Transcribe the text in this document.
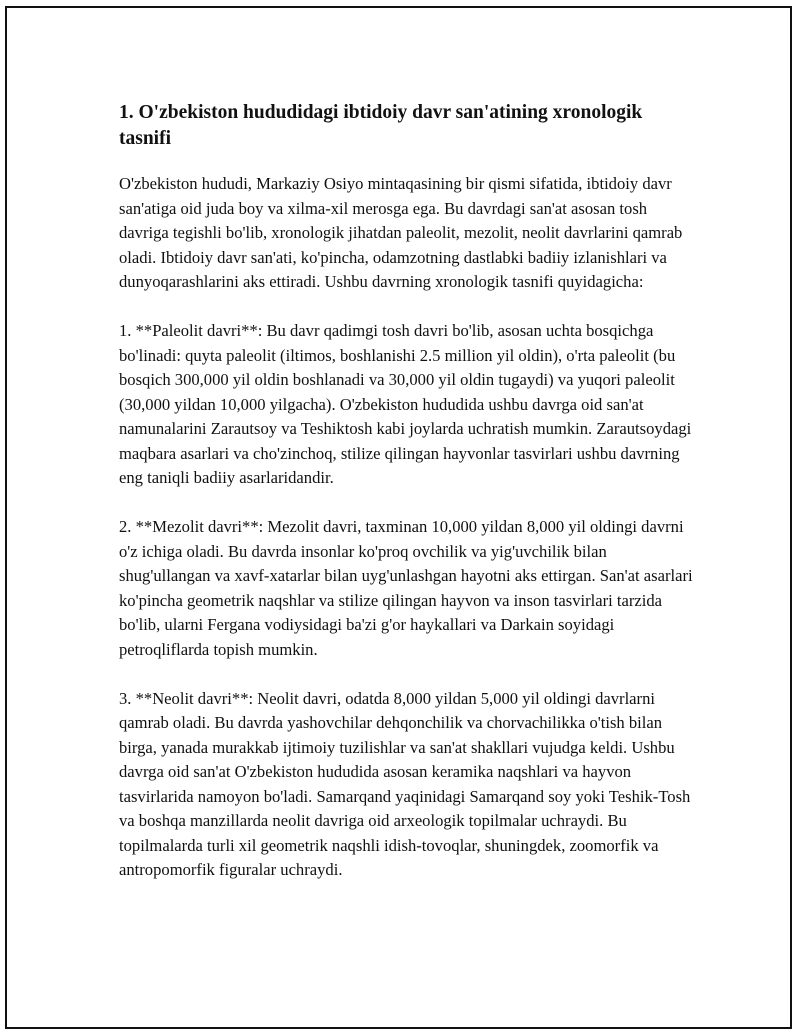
1. O'zbekiston hududidagi ibtidoiy davr san'atining xronologik tasnifi

O'zbekiston hududi, Markaziy Osiyo mintaqasining bir qismi sifatida, ibtidoiy davr san'atiga oid juda boy va xilma-xil merosga ega. Bu davrdagi san'at asosan tosh davriga tegishli bo'lib, xronologik jihatdan paleolit, mezolit, neolit davrlarini qamrab oladi. Ibtidoiy davr san'ati, ko'pincha, odamzotning dastlabki badiiy izlanishlari va dunyoqarashlarini aks ettiradi. Ushbu davrning xronologik tasnifi quyidagicha:

1. **Paleolit davri**: Bu davr qadimgi tosh davri bo'lib, asosan uchta bosqichga bo'linadi: quyta paleolit (iltimos, boshlanishi 2.5 million yil oldin), o'rta paleolit (bu bosqich 300,000 yil oldin boshlanadi va 30,000 yil oldin tugaydi) va yuqori paleolit (30,000 yildan 10,000 yilgacha). O'zbekiston hududida ushbu davrga oid san'at namunalarini Zarautsoy va Teshiktosh kabi joylarda uchratish mumkin. Zarautsoydagi maqbara asarlari va cho'zinchoq, stilize qilingan hayvonlar tasvirlari ushbu davrning eng taniqli badiiy asarlaridandir.

2. **Mezolit davri**: Mezolit davri, taxminan 10,000 yildan 8,000 yil oldingi davrni o'z ichiga oladi. Bu davrda insonlar ko'proq ovchilik va yig'uvchilik bilan shug'ullangan va xavf-xatarlar bilan uyg'unlashgan hayotni aks ettirgan. San'at asarlari ko'pincha geometrik naqshlar va stilize qilingan hayvon va inson tasvirlari tarzida bo'lib, ularni Fergana vodiysidagi ba'zi g'or haykallari va Darkain soyidagi petroqliflarda topish mumkin.

3. **Neolit davri**: Neolit davri, odatda 8,000 yildan 5,000 yil oldingi davrlarni qamrab oladi. Bu davrda yashovchilar dehqonchilik va chorvachilikka o'tish bilan birga, yanada murakkab ijtimoiy tuzilishlar va san'at shakllari vujudga keldi. Ushbu davrga oid san'at O'zbekiston hududida asosan keramika naqshlari va hayvon tasvirlarida namoyon bo'ladi. Samarqand yaqinidagi Samarqand soy yoki Teshik-Tosh va boshqa manzillarda neolit davriga oid arxeologik topilmalar uchraydi. Bu topilmalarda turli xil geometrik naqshli idish-tovoqlar, shuningdek, zoomorfik va antropomorfik figuralar uchraydi.
